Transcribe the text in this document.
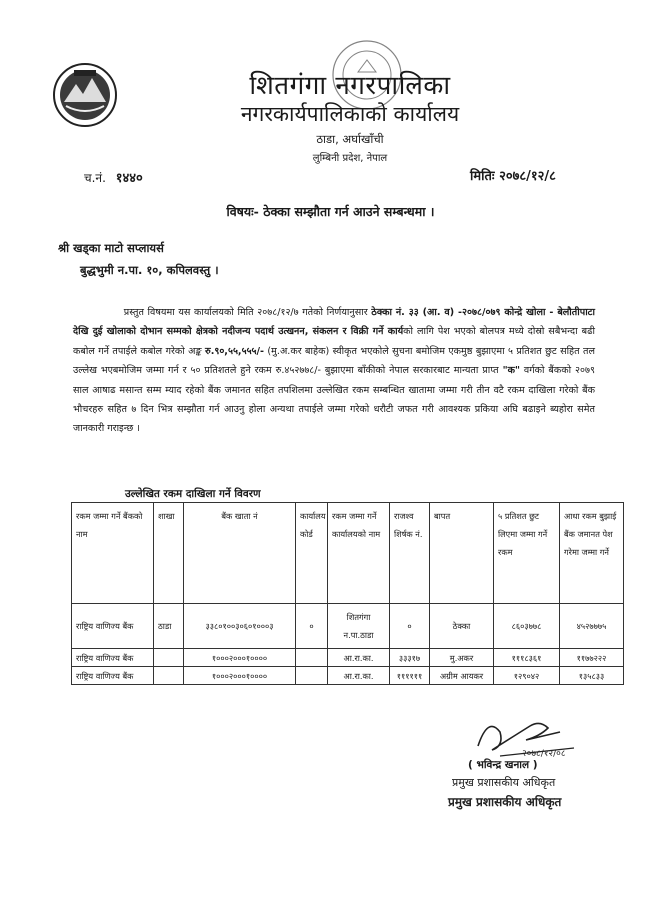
शितगंगा नगरपालिका
नगरकार्यपालिकाको कार्यालय
ठाडा, अर्घाखाँची
लुम्बिनी प्रदेश, नेपाल
च.नं. १४४०	मितिः २०७८/१२/८
विषयः- ठेक्का सम्झौता गर्न आउने सम्बन्धमा ।
श्री खड्का माटो सप्लायर्स
बुद्धभुमी न.पा. १०, कपिलवस्तु ।
प्रस्तुत विषयमा यस कार्यालयको मिति २०७८/१२/७ गतेको निर्णयानुसार ठेक्का नं. ३३ (आ. व) -२०७८/०७९ कोन्द्रे खोला - बेलौतीपाटा देखि दुई खोलाको दोभान सम्मको क्षेत्रको नदीजन्य पदार्थ उत्खनन, संकलन र विक्री गर्ने कार्यको लागि पेश भएको बोलपत्र मध्ये दोस्रो सबैभन्दा बढी कबोल गर्ने तपाईले कबोल गरेको अङ्क रु.९०,५५,५५५/- (मु.अ.कर बाहेक) स्वीकृत भएकोले सुचना बमोजिम एकमुष्ठ बुझाएमा ५ प्रतिशत छुट सहित तल उल्लेख भएबमोजिम जम्मा गर्न र ५० प्रतिशतले हुने रकम रु.४५२७७८/- बुझाएमा बाँकीको नेपाल सरकारबाट मान्यता प्राप्त "क" वर्गको बैंकको २०७९ साल आषाढ मसान्त सम्म म्याद रहेको बैंक जमानत सहित तपशिलमा उल्लेखित रकम सम्बन्धित खातामा जम्मा गरी तीन वटै रकम दाखिला गरेको बैंक भौचरहरु सहित ७ दिन भित्र सम्झौता गर्न आउनु होला अन्यथा तपाईले जम्मा गरेको धरौटी जफत गरी आवश्यक प्रकिया अघि बढाइने ब्यहोरा समेत जानकारी गराइन्छ ।
उल्लेखित रकम दाखिला गर्ने विवरण
रकम जम्मा गर्ने बैंकको नाम	शाखा	बैंक खाता नं	कार्यालय कोर्ड	रकम जम्मा गर्ने कार्यालयको नाम	राजश्व शिर्षक नं.	बापत	५ प्रतिशत छुट लिएमा जम्मा गर्ने रकम	आधा रकम बुझाई बैंक जमानत पेश गरेमा जम्मा गर्ने
राष्ट्रिय वाणिज्य बैंक	ठाडा	३३८०१००३०६०१०००३	०	शितगंगा न.पा.ठाडा	०	ठेक्का	८६०३७७८	४५२७७७५
राष्ट्रिय वाणिज्य बैंक		१०००२०००१००००		आ.रा.का.	३३३१७	मु.अकर	१११८३६१	११७७२२२
राष्ट्रिय वाणिज्य बैंक		१०००२०००१००००		आ.रा.का.	११११११	अग्रीम आयकर	१२९०४२	१३५८३३
२०७८/१२/०८
( भविन्द्र खनाल )
प्रमुख प्रशासकीय अधिकृत
प्रमुख प्रशासकीय अधिकृत
